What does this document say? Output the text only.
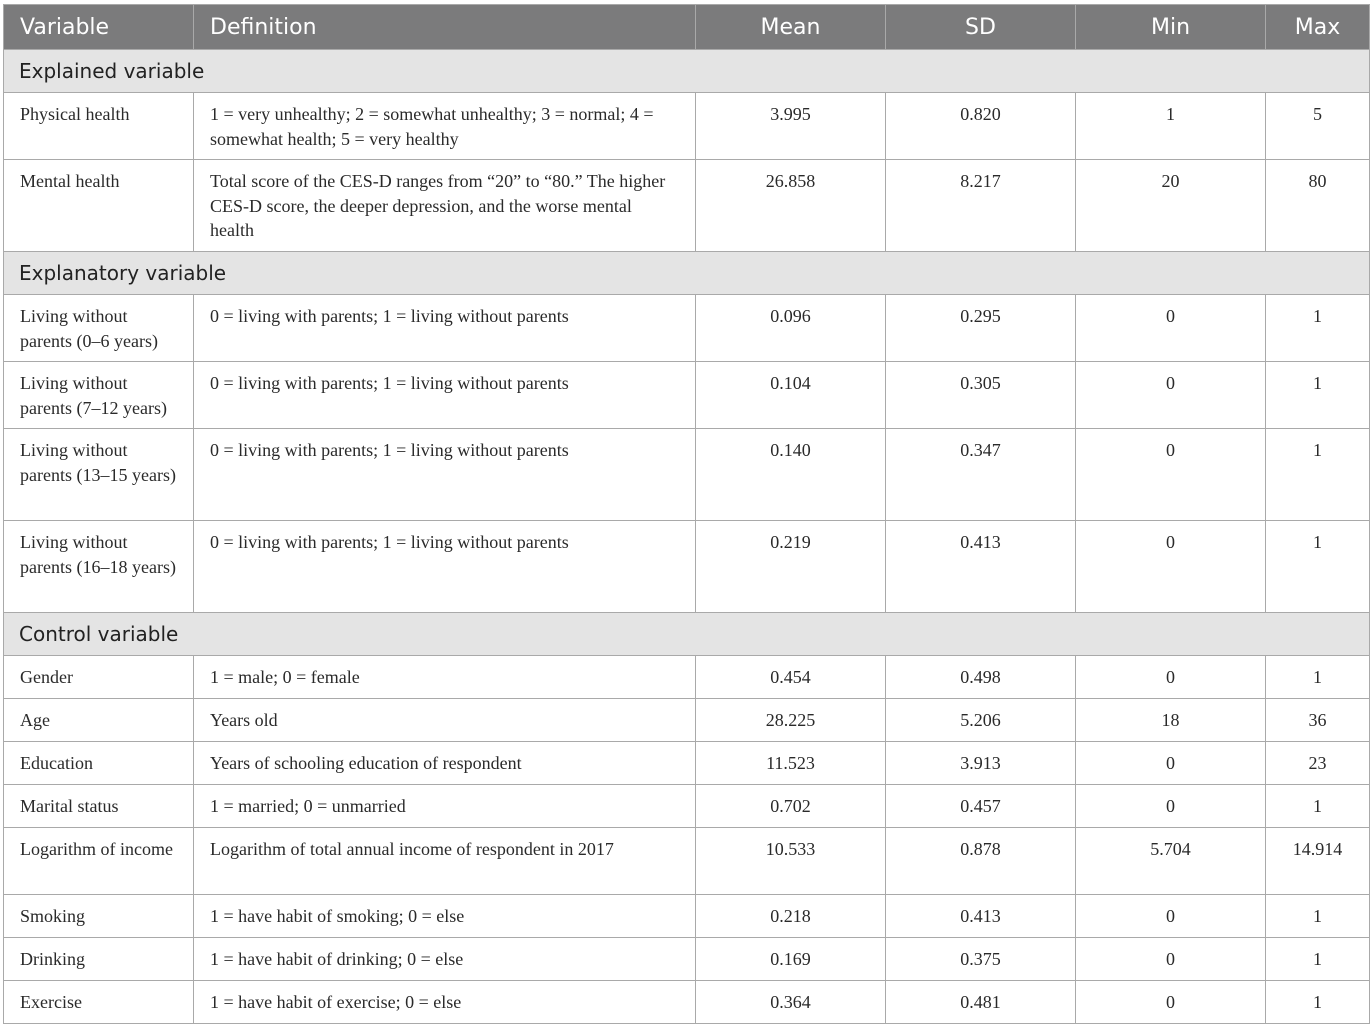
Variable	Definition	Mean	SD	Min	Max
Explained variable					
Physical health	1 = very unhealthy; 2 = somewhat unhealthy; 3 = normal; 4 = somewhat health; 5 = very healthy	3.995	0.820	1	5
Mental health	Total score of the CES-D ranges from “20” to “80.” The higher CES-D score, the deeper depression, and the worse mental health	26.858	8.217	20	80
Explanatory variable					
Living without parents (0–6 years)	0 = living with parents; 1 = living without parents	0.096	0.295	0	1
Living without parents (7–12 years)	0 = living with parents; 1 = living without parents	0.104	0.305	0	1
Living without parents (13–15 years)	0 = living with parents; 1 = living without parents	0.140	0.347	0	1
Living without parents (16–18 years)	0 = living with parents; 1 = living without parents	0.219	0.413	0	1
Control variable					
Gender	1 = male; 0 = female	0.454	0.498	0	1
Age	Years old	28.225	5.206	18	36
Education	Years of schooling education of respondent	11.523	3.913	0	23
Marital status	1 = married; 0 = unmarried	0.702	0.457	0	1
Logarithm of income	Logarithm of total annual income of respondent in 2017	10.533	0.878	5.704	14.914
Smoking	1 = have habit of smoking; 0 = else	0.218	0.413	0	1
Drinking	1 = have habit of drinking; 0 = else	0.169	0.375	0	1
Exercise	1 = have habit of exercise; 0 = else	0.364	0.481	0	1
